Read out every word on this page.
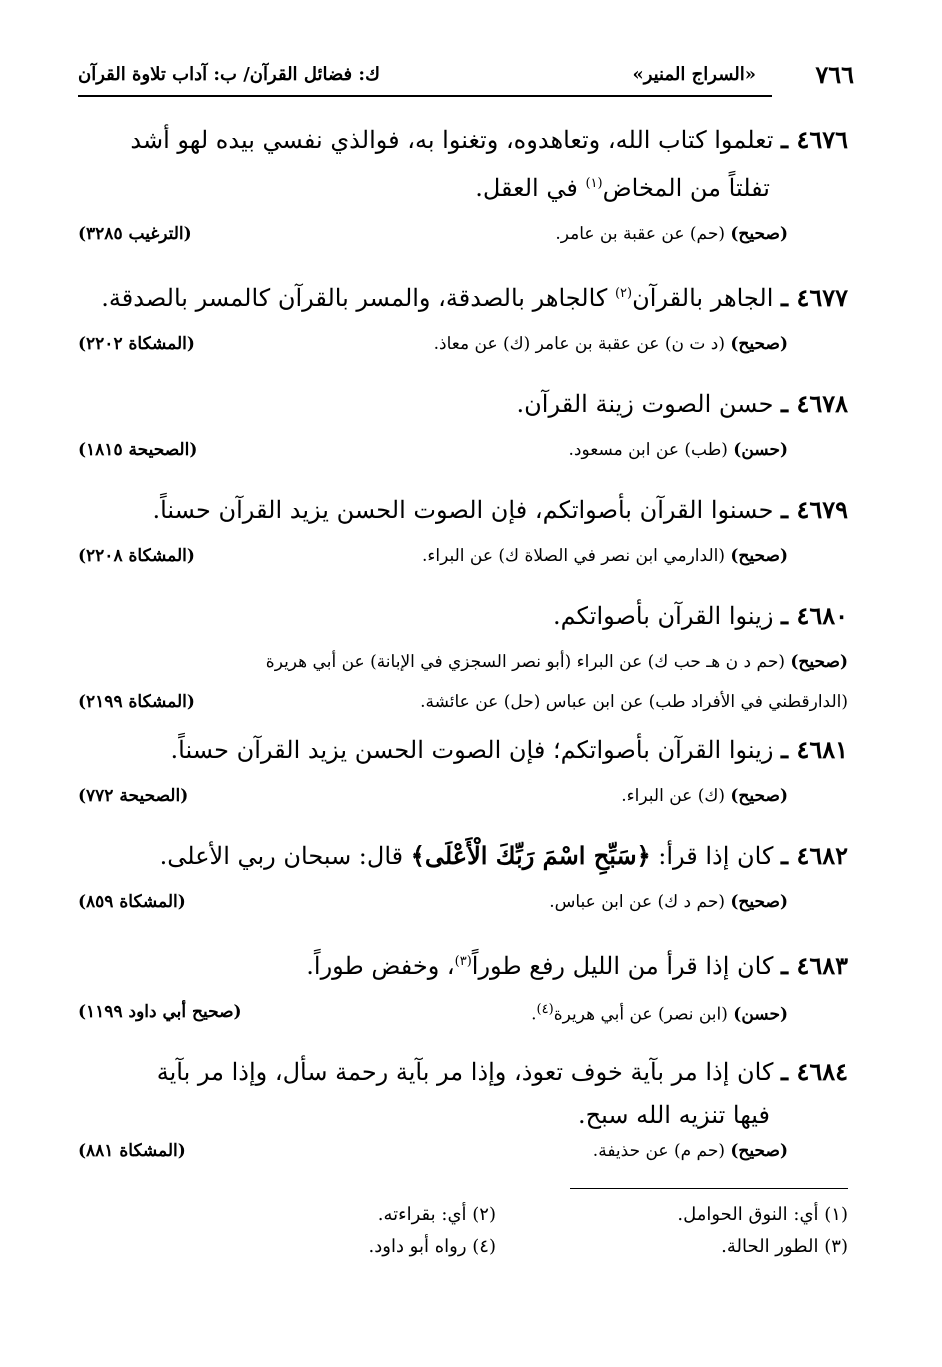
٧٦٦
«السراج المنير»
ك: فضائل القرآن/ ب: آداب تلاوة القرآن

٤٦٧٦ ـ تعلموا كتاب الله، وتعاهدوه، وتغنوا به، فوالذي نفسي بيده لهو أشد
تفلتاً من المخاض$^{(١)}$ في العقل.

(صحيح) (حم) عن عقبة بن عامر.
(الترغيب ٣٢٨٥)

٤٦٧٧ ـ الجاهر بالقرآن$^{(٢)}$ كالجاهر بالصدقة، والمسر بالقرآن كالمسر بالصدقة.

(صحيح) (د ت ن) عن عقبة بن عامر (ك) عن معاذ.
(المشكاة ٢٢٠٢)

٤٦٧٨ ـ حسن الصوت زينة القرآن.

(حسن) (طب) عن ابن مسعود.
(الصحيحة ١٨١٥)

٤٦٧٩ ـ حسنوا القرآن بأصواتكم، فإن الصوت الحسن يزيد القرآن حسناً.

(صحيح) (الدارمي ابن نصر في الصلاة ك) عن البراء.
(المشكاة ٢٢٠٨)

٤٦٨٠ ـ زينوا القرآن بأصواتكم.

(صحيح) (حم د ن هـ حب ك) عن البراء (أبو نصر السجزي في الإبانة) عن أبي هريرة
(الدارقطني في الأفراد طب) عن ابن عباس (حل) عن عائشة.
(المشكاة ٢١٩٩)

٤٦٨١ ـ زينوا القرآن بأصواتكم؛ فإن الصوت الحسن يزيد القرآن حسناً.

(صحيح) (ك) عن البراء.
(الصحيحة ٧٧٢)

٤٦٨٢ ـ كان إذا قرأ: ﴿سَبِّحِ اسْمَ رَبِّكَ الْأَعْلَى﴾ قال: سبحان ربي الأعلى.

(صحيح) (حم د ك) عن ابن عباس.
(المشكاة ٨٥٩)

٤٦٨٣ ـ كان إذا قرأ من الليل رفع طوراً$^{(٣)}$، وخفض طوراً.

(حسن) (ابن نصر) عن أبي هريرة$^{(٤)}$.
(صحيح أبي داود ١١٩٩)

٤٦٨٤ ـ كان إذا مر بآية خوف تعوذ، وإذا مر بآية رحمة سأل، وإذا مر بآية
فيها تنزيه الله سبح.

(صحيح) (حم م) عن حذيفة.
(المشكاة ٨٨١)
(١) أي: النوق الحوامل.
(٢) أي: بقراءته.
(٣) الطور الحالة.
(٤) رواه أبو داود.
